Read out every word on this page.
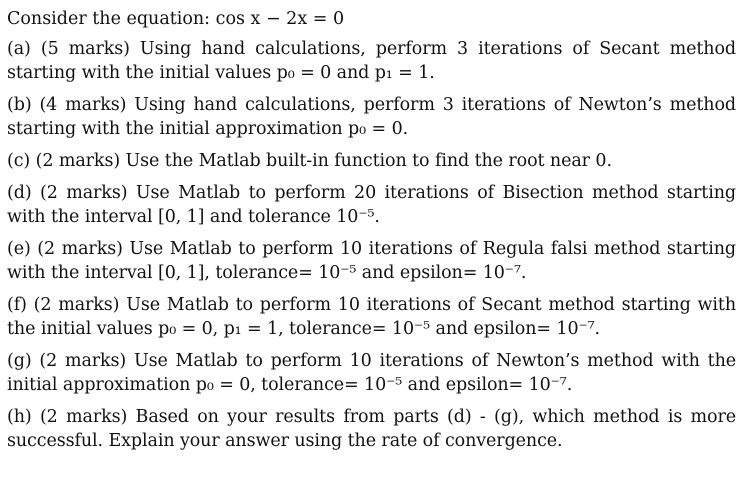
Consider the equation: cos x − 2x = 0
(a) (5 marks) Using hand calculations, perform 3 iterations of Secant method
starting with the initial values p₀ = 0 and p₁ = 1.
(b) (4 marks) Using hand calculations, perform 3 iterations of Newton’s method
starting with the initial approximation p₀ = 0.
(c) (2 marks) Use the Matlab built-in function to find the root near 0.
(d) (2 marks) Use Matlab to perform 20 iterations of Bisection method starting
with the interval [0, 1] and tolerance 10⁻⁵.
(e) (2 marks) Use Matlab to perform 10 iterations of Regula falsi method starting
with the interval [0, 1], tolerance= 10⁻⁵ and epsilon= 10⁻⁷.
(f) (2 marks) Use Matlab to perform 10 iterations of Secant method starting with
the initial values p₀ = 0, p₁ = 1, tolerance= 10⁻⁵ and epsilon= 10⁻⁷.
(g) (2 marks) Use Matlab to perform 10 iterations of Newton’s method with the
initial approximation p₀ = 0, tolerance= 10⁻⁵ and epsilon= 10⁻⁷.
(h) (2 marks) Based on your results from parts (d) - (g), which method is more
successful. Explain your answer using the rate of convergence.
